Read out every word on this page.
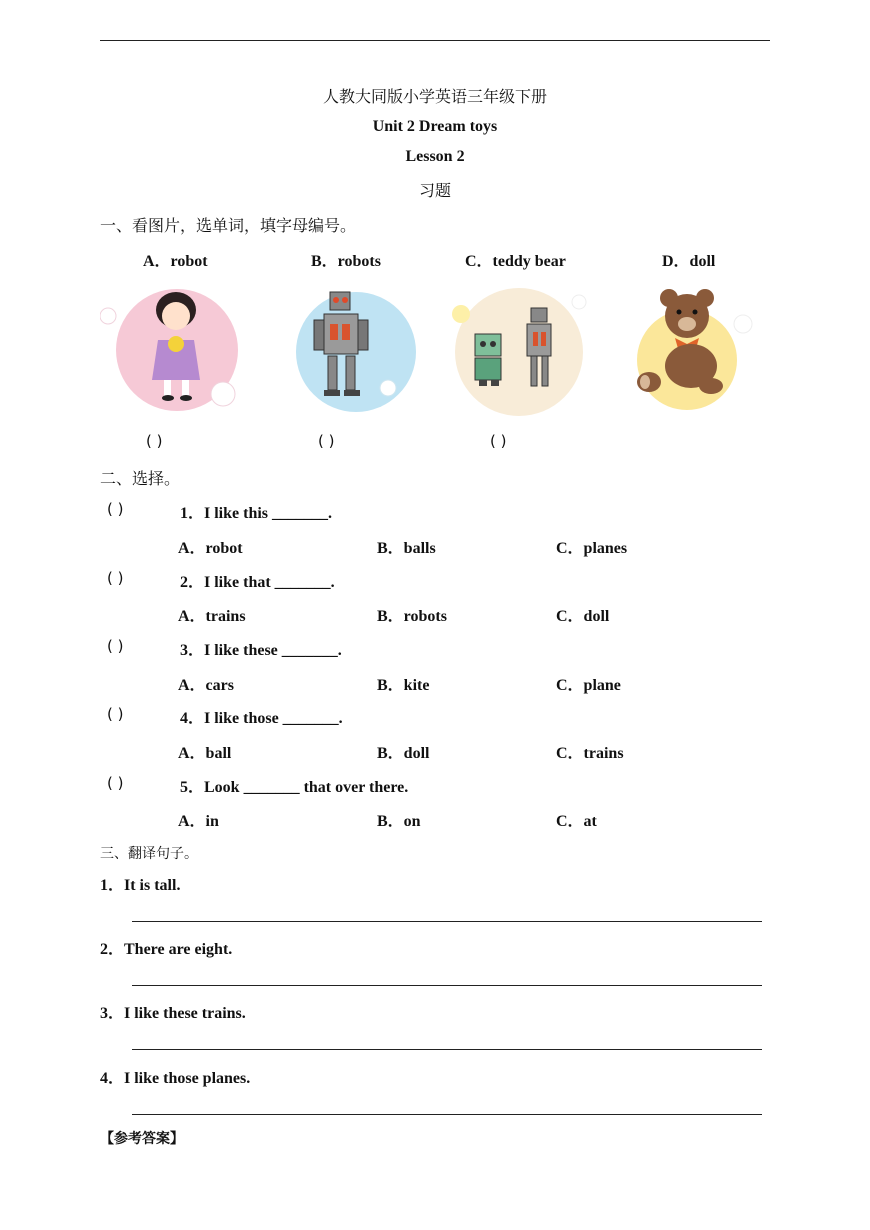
人教大同版小学英语三年级下册
Unit 2 Dream toys
Lesson 2
习题
一、看图片，选单词，填字母编号。
A．robot	B．robots	C．teddy bear	D．doll
( )	( )	( )
二、选择。
( )	1．I like this _______.
A．robot	B．balls	C．planes
( )	2．I like that _______.
A．trains	B．robots	C．doll
( )	3．I like these _______.
A．cars	B．kite	C．plane
( )	4．I like those _______.
A．ball	B．doll	C．trains
( )	5．Look _______ that over there.
A．in	B．on	C．at
三、翻译句子。
1．It is tall.
2．There are eight.
3．I like these trains.
4．I like those planes.
【参考答案】
